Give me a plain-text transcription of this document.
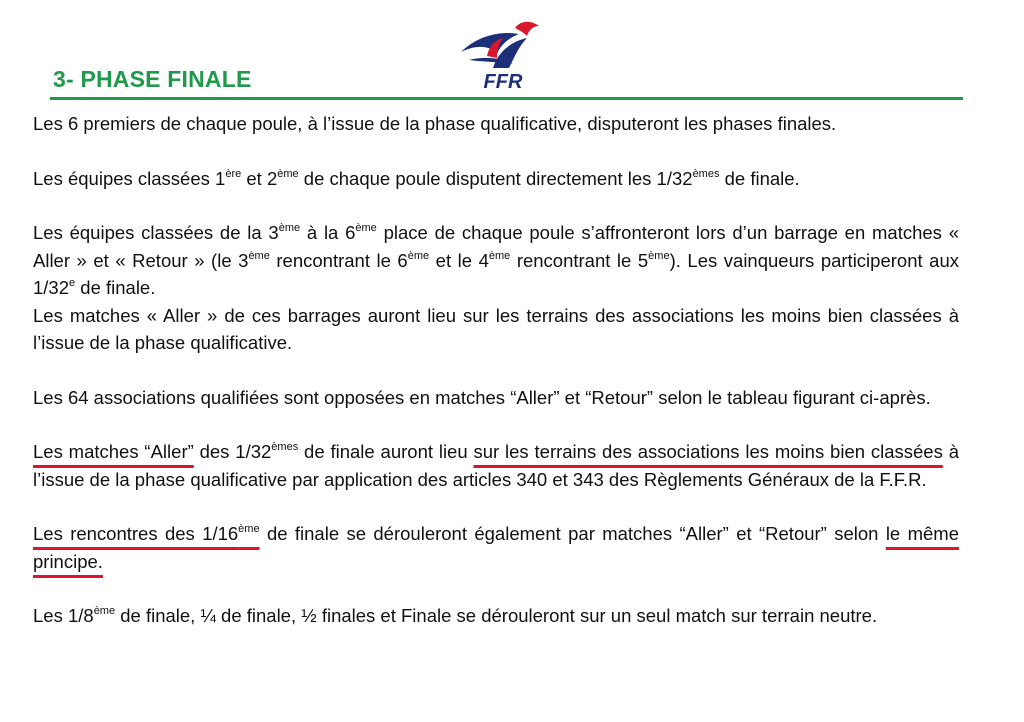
FFR
3- PHASE FINALE

Les 6 premiers de chaque poule, à l’issue de la phase qualificative, disputeront les phases finales.

Les équipes classées 1ère et 2ème de chaque poule disputent directement les 1/32èmes de finale.

Les équipes classées de la 3ème à la 6ème place de chaque poule s’affronteront lors d’un barrage en matches « Aller » et « Retour » (le 3ème rencontrant le 6ème et le 4ème rencontrant le 5ème). Les vainqueurs participeront aux 1/32e de finale.

Les matches « Aller » de ces barrages auront lieu sur les terrains des associations les moins bien classées à l’issue de la phase qualificative.

Les 64 associations qualifiées sont opposées en matches “Aller” et “Retour” selon le tableau figurant ci-après.

Les matches “Aller” des 1/32èmes de finale auront lieu sur les terrains des associations les moins bien classées à l’issue de la phase qualificative par application des articles 340 et 343 des Règlements Généraux de la F.F.R.

Les rencontres des 1/16ème de finale se dérouleront également par matches “Aller” et “Retour” selon le même principe.

Les 1/8ème de finale, ¼ de finale, ½ finales et Finale se dérouleront sur un seul match sur terrain neutre.
